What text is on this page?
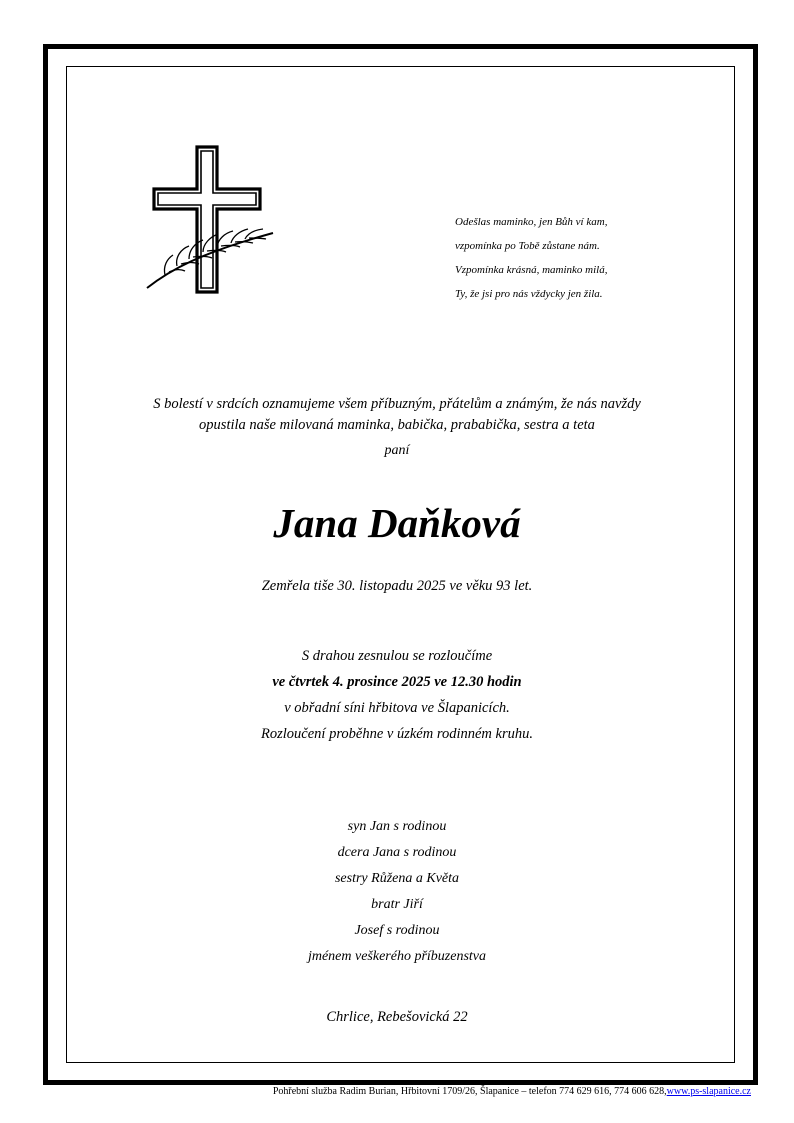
Odešlas maminko, jen Bůh ví kam,
vzpomínka po Tobě zůstane nám.
Vzpomínka krásná, maminko milá,
Ty, že jsi pro nás vždycky jen žila.
S bolestí v srdcích oznamujeme všem příbuzným, přátelům a známým, že nás navždy
opustila naše milovaná maminka, babička, prababička, sestra a teta
paní
Jana Daňková
Zemřela tiše 30. listopadu 2025 ve věku 93 let.
S drahou zesnulou se rozloučíme
ve čtvrtek 4. prosince 2025 ve 12.30 hodin
v obřadní síni hřbitova ve Šlapanicích.
Rozloučení proběhne v úzkém rodinném kruhu.
syn Jan s rodinou
dcera Jana s rodinou
sestry Růžena a Květa
bratr Jiří
Josef s rodinou
jménem veškerého příbuzenstva
Chrlice, Rebešovická 22
Pohřební služba Radim Burian, Hřbitovní 1709/26, Šlapanice – telefon 774 629 616, 774 606 628,www.ps-slapanice.cz
